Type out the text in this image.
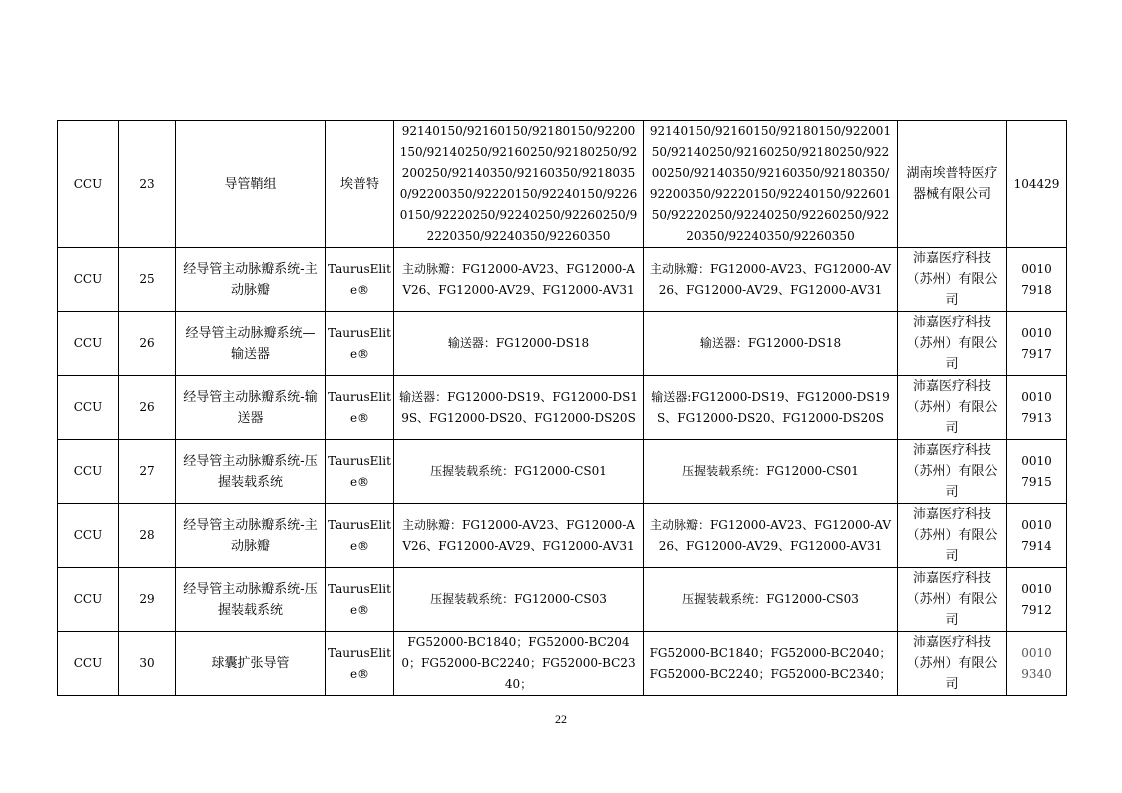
CCU	23	导管鞘组	埃普特	92140150/92160150/92180150/92200150/92140250/92160250/92180250/92200250/92140350/92160350/92180350/92200350/92220150/92240150/92260150/92220250/92240250/92260250/92220350/92240350/92260350	92140150/92160150/92180150/92200150/92140250/92160250/92180250/92200250/92140350/92160350/92180350/92200350/92220150/92240150/92260150/92220250/92240250/92260250/92220350/92240350/92260350	湖南埃普特医疗器械有限公司	104429
CCU	25	经导管主动脉瓣系统-主动脉瓣	TaurusElite®	主动脉瓣：FG12000-AV23、FG12000-AV26、FG12000-AV29、FG12000-AV31	主动脉瓣：FG12000-AV23、FG12000-AV26、FG12000-AV29、FG12000-AV31	沛嘉医疗科技（苏州）有限公司	00107918
CCU	26	经导管主动脉瓣系统—输送器	TaurusElite®	输送器：FG12000-DS18	输送器：FG12000-DS18	沛嘉医疗科技（苏州）有限公司	00107917
CCU	26	经导管主动脉瓣系统-输送器	TaurusElite®	输送器：FG12000-DS19、FG12000-DS19S、FG12000-DS20、FG12000-DS20S	输送器:FG12000-DS19、FG12000-DS19S、FG12000-DS20、FG12000-DS20S	沛嘉医疗科技（苏州）有限公司	00107913
CCU	27	经导管主动脉瓣系统-压握装载系统	TaurusElite®	压握装载系统：FG12000-CS01	压握装载系统：FG12000-CS01	沛嘉医疗科技（苏州）有限公司	00107915
CCU	28	经导管主动脉瓣系统-主动脉瓣	TaurusElite®	主动脉瓣：FG12000-AV23、FG12000-AV26、FG12000-AV29、FG12000-AV31	主动脉瓣：FG12000-AV23、FG12000-AV26、FG12000-AV29、FG12000-AV31	沛嘉医疗科技（苏州）有限公司	00107914
CCU	29	经导管主动脉瓣系统-压握装载系统	TaurusElite®	压握装载系统：FG12000-CS03	压握装载系统：FG12000-CS03	沛嘉医疗科技（苏州）有限公司	00107912
CCU	30	球囊扩张导管	TaurusElite®	FG52000-BC1840；FG52000-BC2040；FG52000-BC2240；FG52000-BC2340；	FG52000-BC1840；FG52000-BC2040；FG52000-BC2240；FG52000-BC2340；	沛嘉医疗科技（苏州）有限公司	00109340
22
